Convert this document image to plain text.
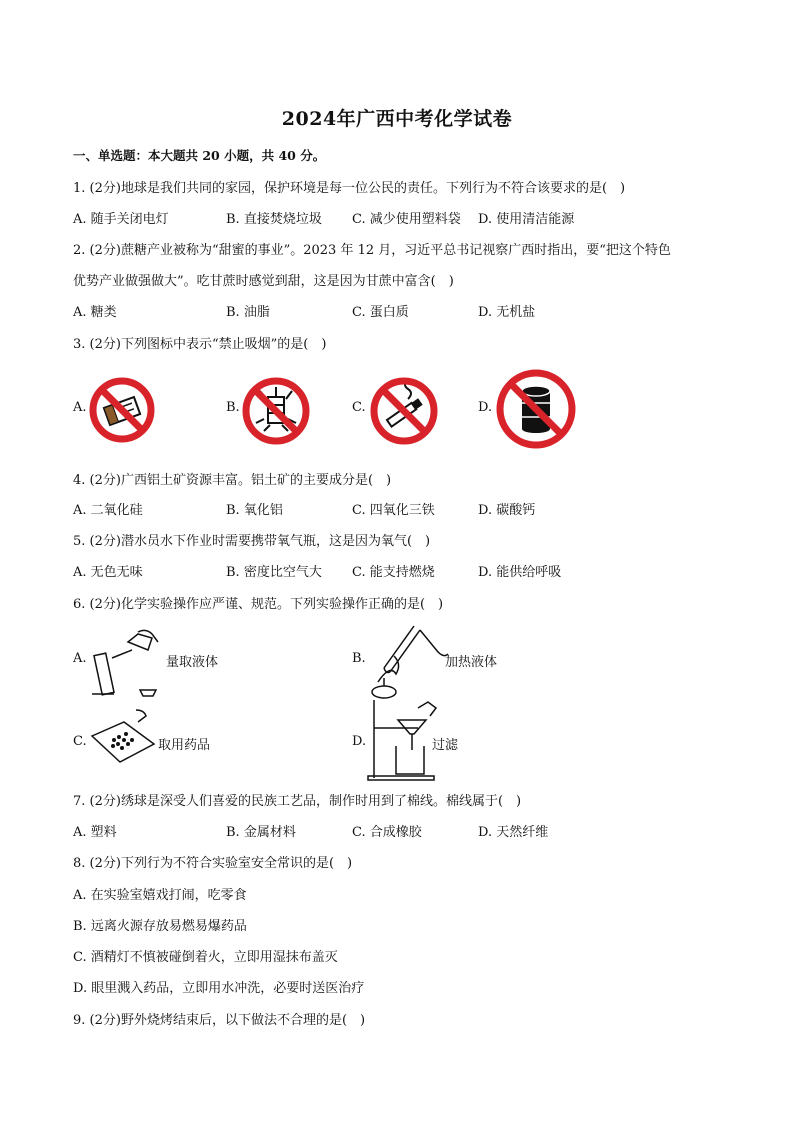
2024年广西中考化学试卷
一、单选题：本大题共 20 小题，共 40 分。
1. (2分)地球是我们共同的家园，保护环境是每一位公民的责任。下列行为不符合该要求的是(　)
A. 随手关闭电灯	B. 直接焚烧垃圾 C. 减少使用塑料袋 D. 使用清洁能源
2. (2分)蔗糖产业被称为“甜蜜的事业”。2023 年 12 月，习近平总书记视察广西时指出，要“把这个特色
优势产业做强做大”。吃甘蔗时感觉到甜，这是因为甘蔗中富含(　)
A. 糖类	B. 油脂	C. 蛋白质	D. 无机盐
3. (2分)下列图标中表示“禁止吸烟”的是(　)
A.	B.	C.	D.
4. (2分)广西铝土矿资源丰富。铝土矿的主要成分是(　)
A. 二氧化硅	B. 氧化铝	C. 四氧化三铁	D. 碳酸钙
5. (2分)潜水员水下作业时需要携带氧气瓶，这是因为氧气(　)
A. 无色无味	B. 密度比空气大 C. 能支持燃烧	D. 能供给呼吸
6. (2分)化学实验操作应严谨、规范。下列实验操作正确的是(　)
A.	量取液体	B.	加热液体
C.	取用药品	D.	过滤
7. (2分)绣球是深受人们喜爱的民族工艺品，制作时用到了棉线。棉线属于(　)
A. 塑料	B. 金属材料	C. 合成橡胶	D. 天然纤维
8. (2分)下列行为不符合实验室安全常识的是(　)
A. 在实验室嬉戏打闹，吃零食
B. 远离火源存放易燃易爆药品
C. 酒精灯不慎被碰倒着火，立即用湿抹布盖灭
D. 眼里溅入药品，立即用水冲洗，必要时送医治疗
9. (2分)野外烧烤结束后，以下做法不合理的是(　)
